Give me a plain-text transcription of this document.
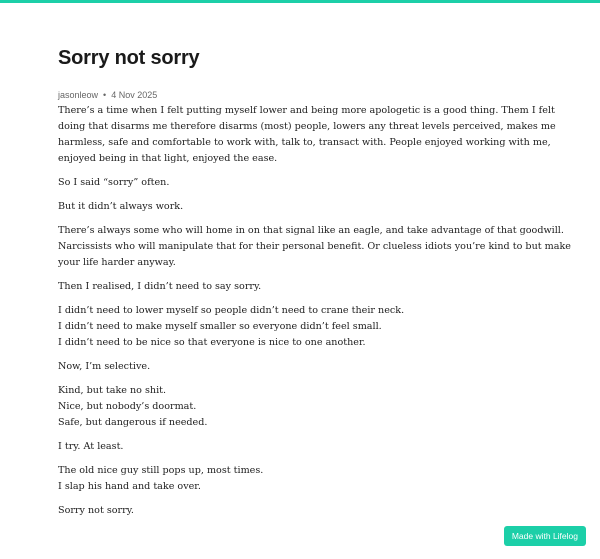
Sorry not sorry
jasonleow • 4 Nov 2025

There’s a time when I felt putting myself lower and being more apologetic is a good thing. Them I felt
doing that disarms me therefore disarms (most) people, lowers any threat levels perceived, makes me
harmless, safe and comfortable to work with, talk to, transact with. People enjoyed working with me,
enjoyed being in that light, enjoyed the ease.

So I said “sorry” often.

But it didn’t always work.

There’s always some who will home in on that signal like an eagle, and take advantage of that goodwill.
Narcissists who will manipulate that for their personal benefit. Or clueless idiots you’re kind to but make
your life harder anyway.

Then I realised, I didn’t need to say sorry.

I didn’t need to lower myself so people didn’t need to crane their neck.
I didn’t need to make myself smaller so everyone didn’t feel small.
I didn’t need to be nice so that everyone is nice to one another.

Now, I’m selective.

Kind, but take no shit.
Nice, but nobody’s doormat.
Safe, but dangerous if needed.

I try. At least.

The old nice guy still pops up, most times.
I slap his hand and take over.

Sorry not sorry.

Made with Lifelog
